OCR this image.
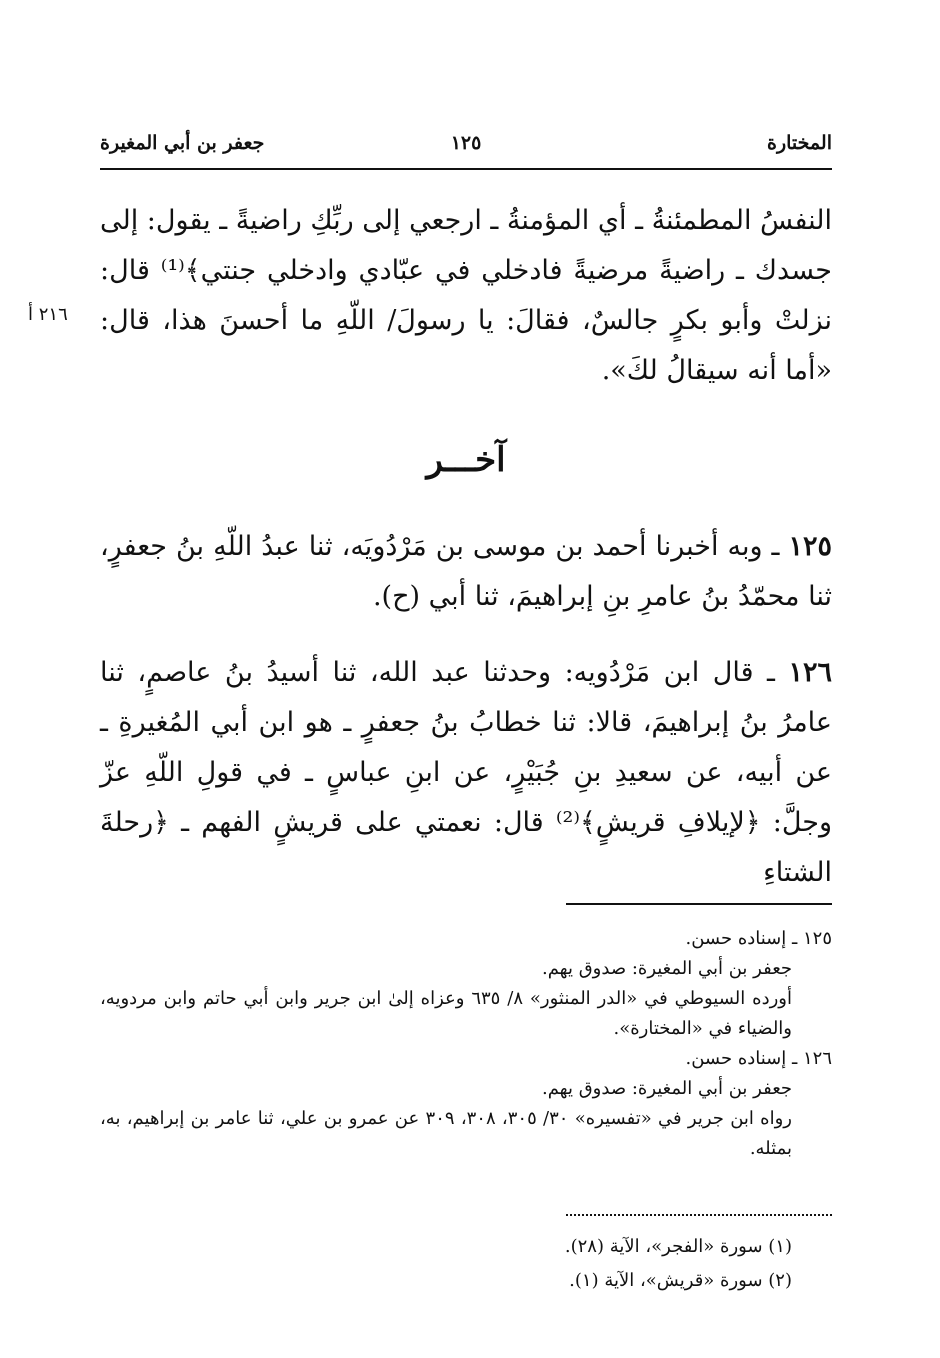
المختارة
١٢٥
جعفر بن أبي المغيرة
النفسُ المطمئنةُ ـ أي المؤمنةُ ـ ارجعي إلى ربِّكِ راضيةً ـ يقول: إلى جسدك ـ راضيةً مرضيةً فادخلي في عبّادي وادخلي جنتي﴾⁽¹⁾ قال: نزلتْ وأبو بكرٍ جالسٌ، فقالَ: يا رسولَ/ اللّهِ ما أحسنَ هذا، قال: «أما أنه سيقالُ لكَ».
٢١٦ أ
آخـــر
١٢٥ ـ وبه أخبرنا أحمد بن موسى بن مَرْدُويَه، ثنا عبدُ اللّهِ بنُ جعفرٍ، ثنا محمّدُ بنُ عامرِ بنِ إبراهيمَ، ثنا أبي (ح).
١٢٦ ـ قال ابن مَرْدُويه: وحدثنا عبد الله، ثنا أسيدُ بنُ عاصمٍ، ثنا عامرُ بنُ إبراهيمَ، قالا: ثنا خطابُ بنُ جعفرٍ ـ هو ابن أبي المُغيرةِ ـ عن أبيه، عن سعيدِ بنِ جُبَيْرٍ، عن ابنِ عباسٍ ـ في قولِ اللّهِ عزّ وجلَّ: ﴿لإيلافِ قريشٍ﴾⁽²⁾ قال: نعمتي على قريشٍ الفهم ـ ﴿رحلةَ الشتاءِ
١٢٥ ـ إسناده حسن.
جعفر بن أبي المغيرة: صدوق يهم.
أورده السيوطي في «الدر المنثور» ٨/ ٦٣٥ وعزاه إلىٰ ابن جرير وابن أبي حاتم وابن مردويه، والضياء في «المختارة».
١٢٦ ـ إسناده حسن.
جعفر بن أبي المغيرة: صدوق يهم.
رواه ابن جرير في «تفسيره» ٣٠/ ٣٠٥، ٣٠٨، ٣٠٩ عن عمرو بن علي، ثنا عامر بن إبراهيم، به، بمثله.
(١) سورة «الفجر»، الآية (٢٨).
(٢) سورة «قريش»، الآية (١).
